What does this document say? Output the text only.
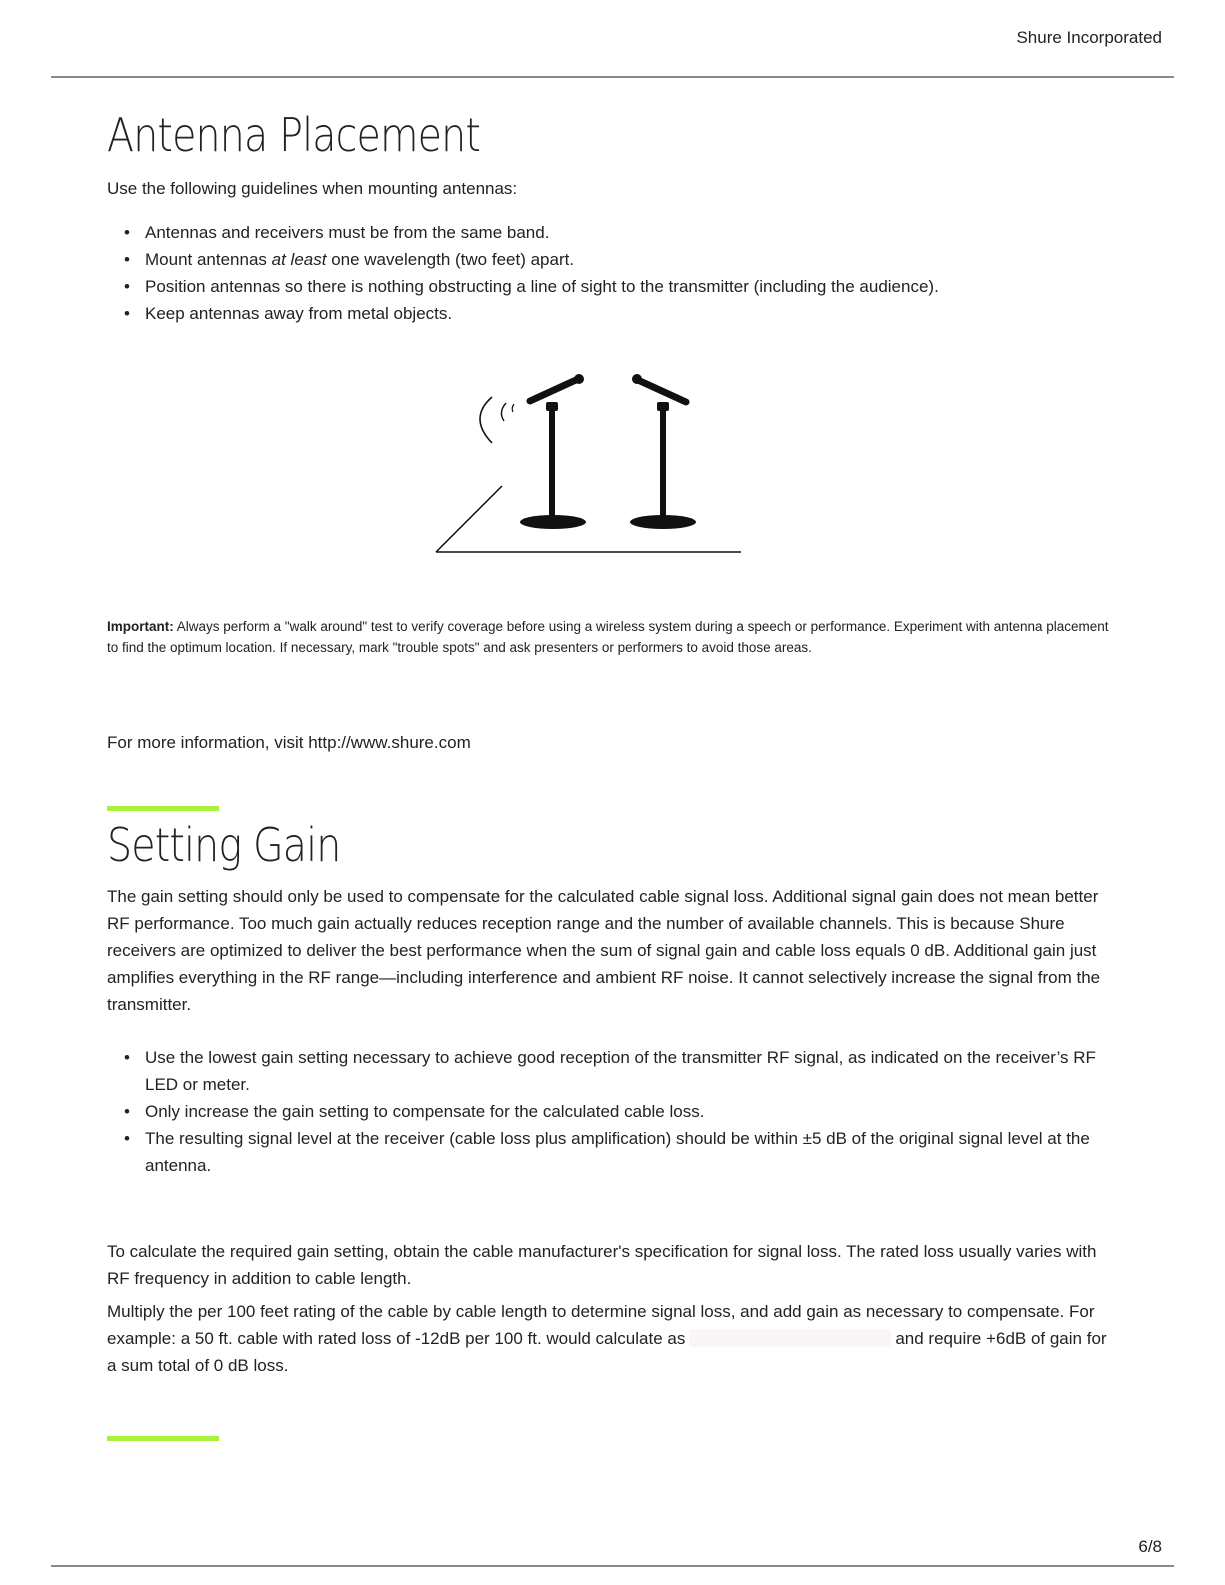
Shure Incorporated
Antenna Placement

Use the following guidelines when mounting antennas:

• Antennas and receivers must be from the same band.
• Mount antennas at least one wavelength (two feet) apart.
• Position antennas so there is nothing obstructing a line of sight to the transmitter (including the audience).
• Keep antennas away from metal objects.

Important: Always perform a "walk around" test to verify coverage before using a wireless system during a speech or performance. Experiment with antenna placement to find the optimum location. If necessary, mark "trouble spots" and ask presenters or performers to avoid those areas.

For more information, visit http://www.shure.com

Setting Gain

The gain setting should only be used to compensate for the calculated cable signal loss. Additional signal gain does not mean better RF performance. Too much gain actually reduces reception range and the number of available channels. This is because Shure receivers are optimized to deliver the best performance when the sum of signal gain and cable loss equals 0 dB. Additional gain just amplifies everything in the RF range—including interference and ambient RF noise. It cannot selectively increase the signal from the transmitter.

• Use the lowest gain setting necessary to achieve good reception of the transmitter RF signal, as indicated on the receiver’s RF LED or meter.
• Only increase the gain setting to compensate for the calculated cable loss.
• The resulting signal level at the receiver (cable loss plus amplification) should be within ±5 dB of the original signal level at the antenna.

To calculate the required gain setting, obtain the cable manufacturer's specification for signal loss. The rated loss usually varies with RF frequency in addition to cable length.

Multiply the per 100 feet rating of the cable by cable length to determine signal loss, and add gain as necessary to compensate. For example: a 50 ft. cable with rated loss of -12dB per 100 ft. would calculate as	and require +6dB of gain for a sum total of 0 dB loss.

6/8
